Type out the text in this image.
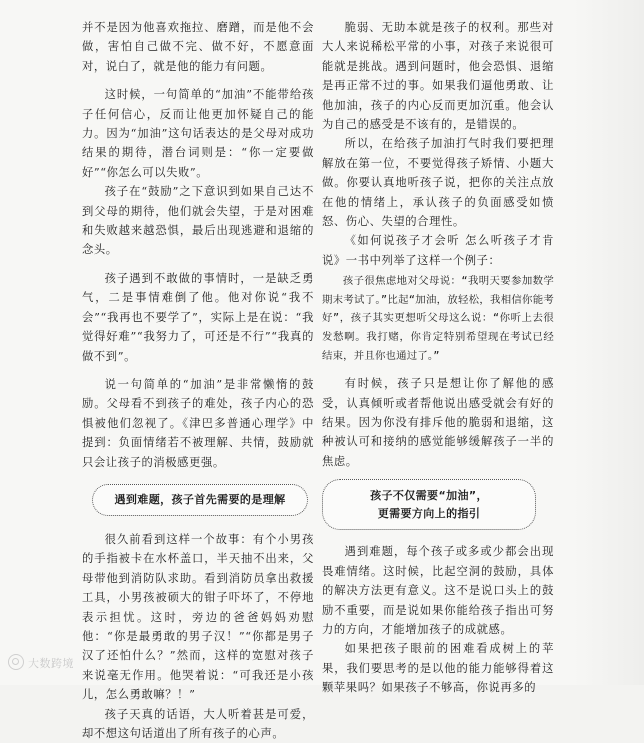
并不是因为他喜欢拖拉、磨蹭，而是他不会做，害怕自己做不完、做不好，不愿意面对，说白了，就是他的能力有问题。

这时候，一句简单的“加油”不能带给孩子任何信心，反而让他更加怀疑自己的能力。因为“加油”这句话表达的是父母对成功结果的期待，潜台词则是：“你一定要做好”“你怎么可以失败”。

孩子在“鼓励”之下意识到如果自己达不到父母的期待，他们就会失望，于是对困难和失败越来越恐惧，最后出现逃避和退缩的念头。

孩子遇到不敢做的事情时，一是缺乏勇气，二是事情难倒了他。他对你说“我不会”“我再也不要学了”，实际上是在说：“我觉得好难”“我努力了，可还是不行”“我真的做不到”。

说一句简单的“加油”是非常懒惰的鼓励。父母看不到孩子的难处，孩子内心的恐惧被他们忽视了。《津巴多普通心理学》中提到：负面情绪若不被理解、共情，鼓励就只会让孩子的消极感更强。

遇到难题，孩子首先需要的是理解

很久前看到这样一个故事：有个小男孩的手指被卡在水杯盖口，半天抽不出来，父母带他到消防队求助。看到消防员拿出救援工具，小男孩被硕大的钳子吓坏了，不停地表示担忧。这时，旁边的爸爸妈妈劝慰他：“你是最勇敢的男子汉！”“你都是男子汉了还怕什么？”然而，这样的宽慰对孩子来说毫无作用。他哭着说：“可我还是小孩儿，怎么勇敢嘛？！”

孩子天真的话语，大人听着甚是可爱，却不想这句话道出了所有孩子的心声。

脆弱、无助本就是孩子的权利。那些对大人来说稀松平常的小事，对孩子来说很可能就是挑战。遇到问题时，他会恐惧、退缩是再正常不过的事。如果我们逼他勇敢、让他加油，孩子的内心反而更加沉重。他会认为自己的感受是不该有的，是错误的。

所以，在给孩子加油打气时我们要把理解放在第一位，不要觉得孩子矫情、小题大做。你要认真地听孩子说，把你的关注点放在他的情绪上，承认孩子的负面感受如愤怒、伤心、失望的合理性。

《如何说孩子才会听 怎么听孩子才肯说》一书中列举了这样一个例子：

孩子很焦虑地对父母说：“我明天要参加数学期末考试了。”比起“加油，放轻松，我相信你能考好”，孩子其实更想听父母这么说：“你听上去很发愁啊。我打赌，你肯定特别希望现在考试已经结束，并且你也通过了。”

有时候，孩子只是想让你了解他的感受，认真倾听或者帮他说出感受就会有好的结果。因为你没有排斥他的脆弱和退缩，这种被认可和接纳的感觉能够缓解孩子一半的焦虑。

孩子不仅需要“加油”，
更需要方向上的指引

遇到难题，每个孩子或多或少都会出现畏难情绪。这时候，比起空洞的鼓励，具体的解决方法更有意义。这不是说口头上的鼓励不重要，而是说如果你能给孩子指出可努力的方向，才能增加孩子的成就感。

如果把孩子眼前的困难看成树上的苹果，我们要思考的是以他的能力能够得着这颗苹果吗？如果孩子不够高，你说再多的

大数跨境
